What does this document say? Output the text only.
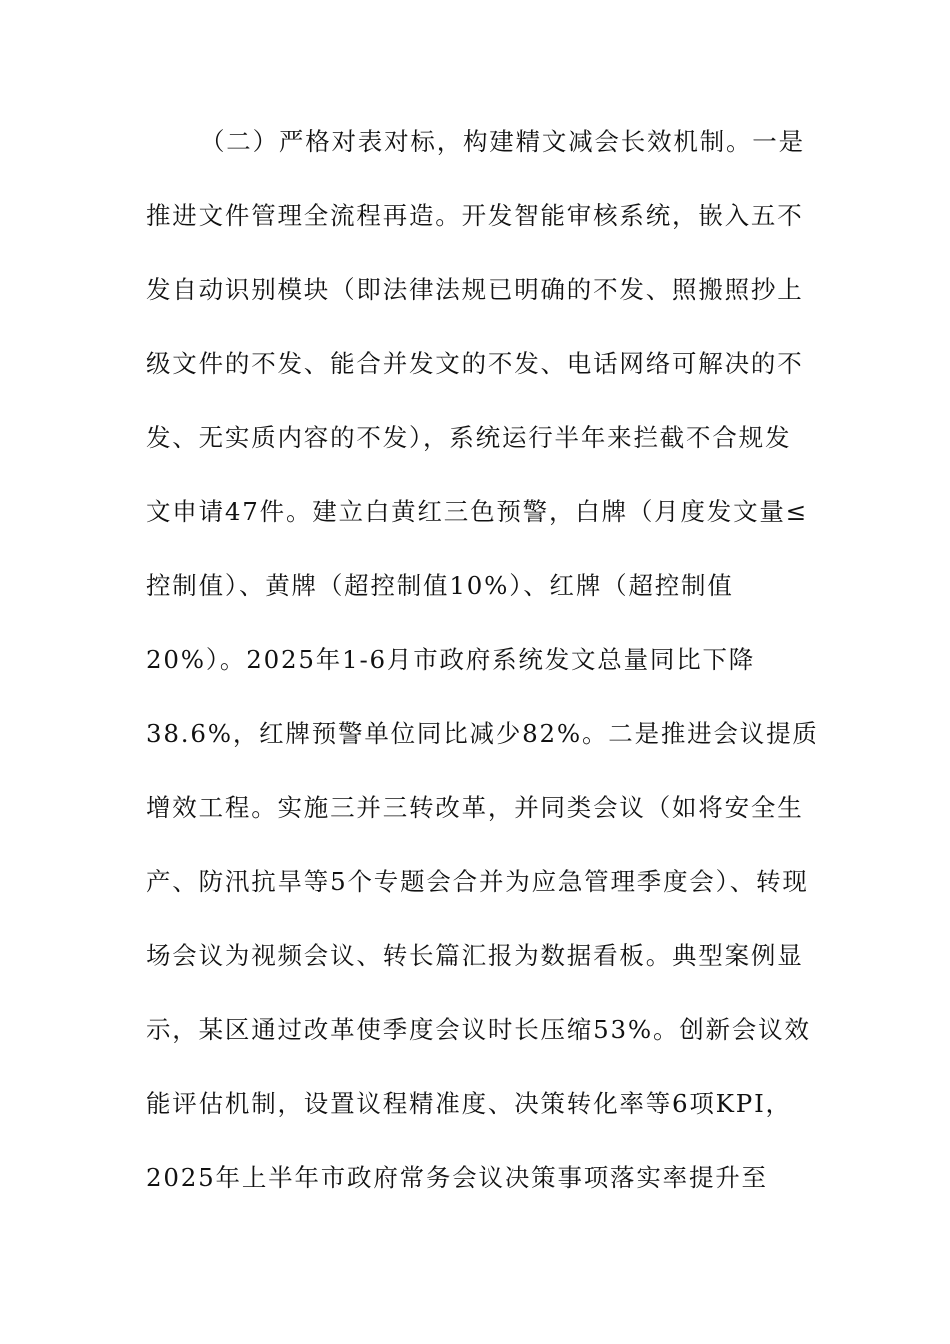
（二）严格对表对标，构建精文减会长效机制。一是
推进文件管理全流程再造。开发智能审核系统，嵌入五不
发自动识别模块（即法律法规已明确的不发、照搬照抄上
级文件的不发、能合并发文的不发、电话网络可解决的不
发、无实质内容的不发），系统运行半年来拦截不合规发
文申请47件。建立白黄红三色预警，白牌（月度发文量≤
控制值）、黄牌（超控制值10%）、红牌（超控制值
20%）。2025年1-6月市政府系统发文总量同比下降
38.6%，红牌预警单位同比减少82%。二是推进会议提质
增效工程。实施三并三转改革，并同类会议（如将安全生
产、防汛抗旱等5个专题会合并为应急管理季度会）、转现
场会议为视频会议、转长篇汇报为数据看板。典型案例显
示，某区通过改革使季度会议时长压缩53%。创新会议效
能评估机制，设置议程精准度、决策转化率等6项KPI，
2025年上半年市政府常务会议决策事项落实率提升至
